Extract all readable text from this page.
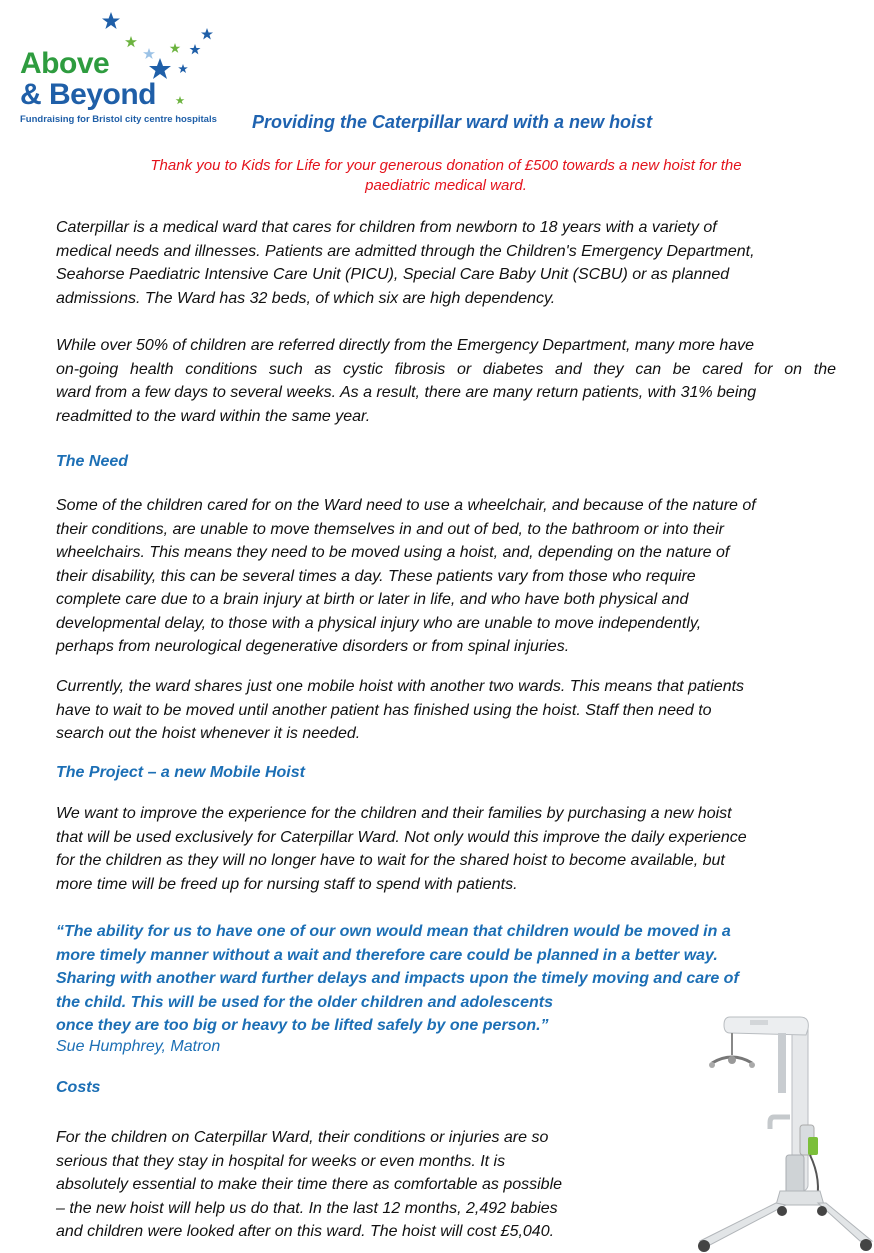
Above
& Beyond
Fundraising for Bristol city centre hospitals Providing the Caterpillar ward with a new hoist
Thank you to Kids for Life for your generous donation of £500 towards a new hoist for the
paediatric medical ward.
Caterpillar is a medical ward that cares for children from newborn to 18 years with a variety of
medical needs and illnesses. Patients are admitted through the Children's Emergency Department,
Seahorse Paediatric Intensive Care Unit (PICU), Special Care Baby Unit (SCBU) or as planned
admissions. The Ward has 32 beds, of which six are high dependency.
While over 50% of children are referred directly from the Emergency Department, many more have
on-going health conditions such as cystic fibrosis or diabetes and they can be cared for on the
ward from a few days to several weeks. As a result, there are many return patients, with 31% being
readmitted to the ward within the same year.
The Need
Some of the children cared for on the Ward need to use a wheelchair, and because of the nature of
their conditions, are unable to move themselves in and out of bed, to the bathroom or into their
wheelchairs. This means they need to be moved using a hoist, and, depending on the nature of
their disability, this can be several times a day. These patients vary from those who require
complete care due to a brain injury at birth or later in life, and who have both physical and
developmental delay, to those with a physical injury who are unable to move independently,
perhaps from neurological degenerative disorders or from spinal injuries.
Currently, the ward shares just one mobile hoist with another two wards. This means that patients
have to wait to be moved until another patient has finished using the hoist. Staff then need to
search out the hoist whenever it is needed.
The Project – a new Mobile Hoist
We want to improve the experience for the children and their families by purchasing a new hoist
that will be used exclusively for Caterpillar Ward. Not only would this improve the daily experience
for the children as they will no longer have to wait for the shared hoist to become available, but
more time will be freed up for nursing staff to spend with patients.
“The ability for us to have one of our own would mean that children would be moved in a
more timely manner without a wait and therefore care could be planned in a better way.
Sharing with another ward further delays and impacts upon the timely moving and care of
the child. This will be used for the older children and adolescents
once they are too big or heavy to be lifted safely by one person.”
Sue Humphrey, Matron
Costs
For the children on Caterpillar Ward, their conditions or injuries are so
serious that they stay in hospital for weeks or even months. It is
absolutely essential to make their time there as comfortable as possible
– the new hoist will help us do that. In the last 12 months, 2,492 babies
and children were looked after on this ward. The hoist will cost £5,040.
